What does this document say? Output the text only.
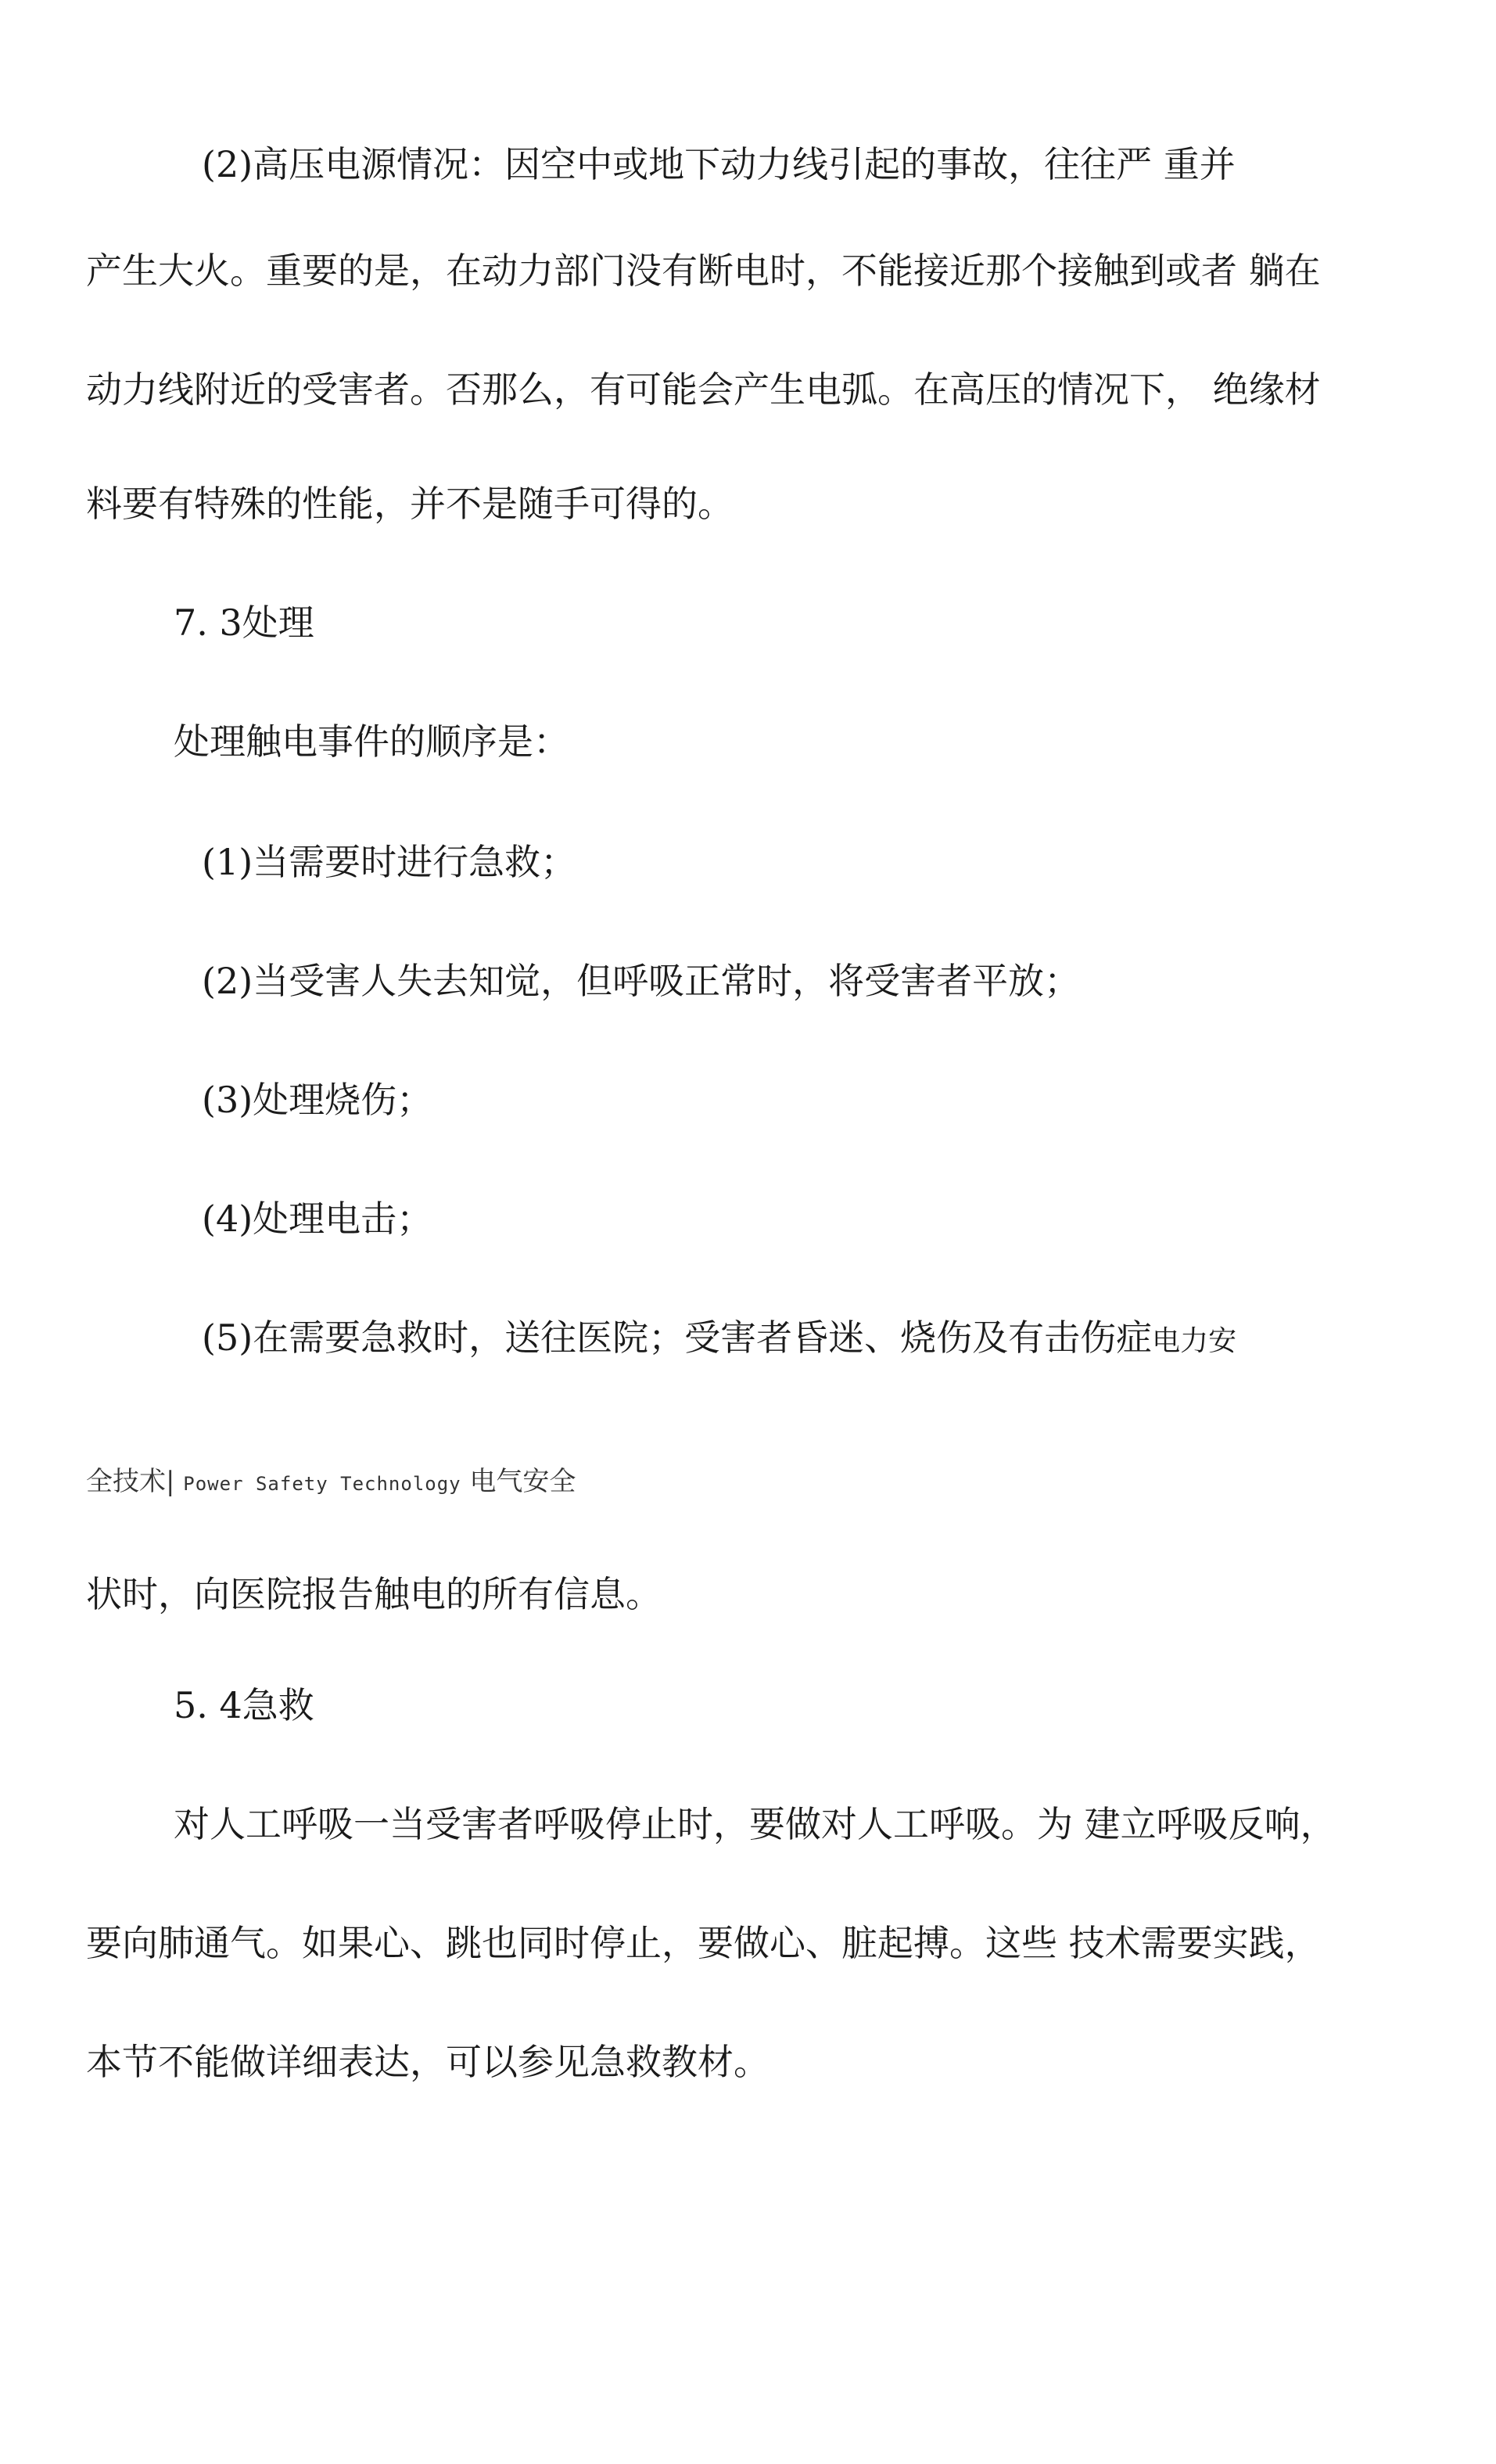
(2)高压电源情况：因空中或地下动力线引起的事故，往往严 重并
产生大火。重要的是，在动力部门没有断电时，不能接近那个接触到或者 躺在
动力线附近的受害者。否那么，有可能会产生电弧。在高压的情况下， 绝缘材
料要有特殊的性能，并不是随手可得的。
7. 3处理
处理触电事件的顺序是：
(1)当需要时进行急救；
(2)当受害人失去知觉，但呼吸正常时，将受害者平放；
(3)处理烧伤；
(4)处理电击；
(5)在需要急救时，送往医院；受害者昏迷、烧伤及有击伤症电力安
全技术| Power Safety Technology 电气安全
状时，向医院报告触电的所有信息。
5. 4急救
对人工呼吸一当受害者呼吸停止时，要做对人工呼吸。为 建立呼吸反响，
要向肺通气。如果心、跳也同时停止，要做心、脏起搏。这些 技术需要实践，
本节不能做详细表达，可以参见急救教材。
